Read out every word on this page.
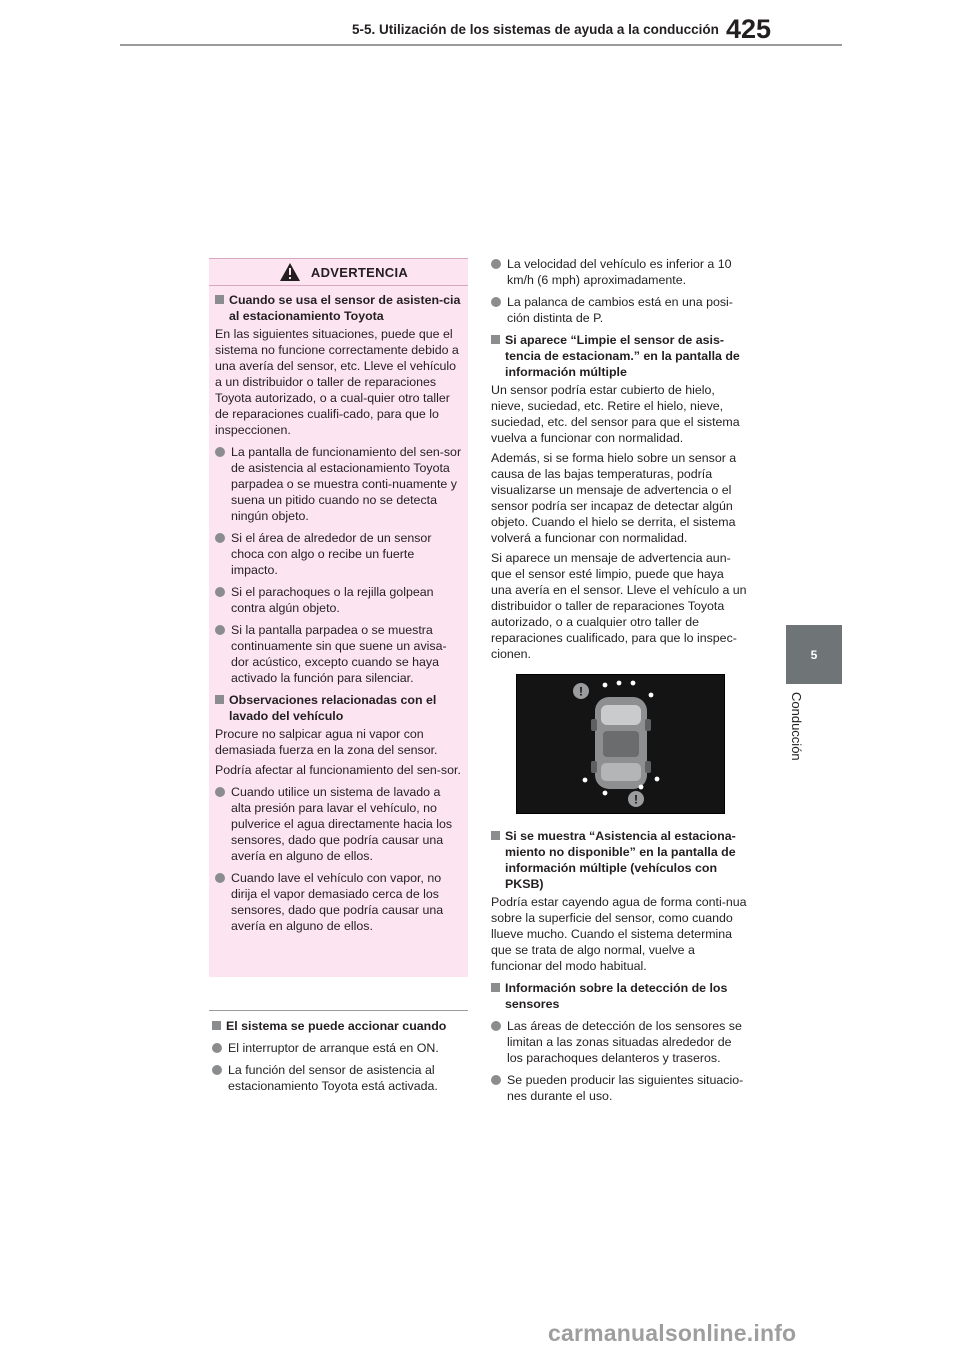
425
5-5. Utilización de los sistemas de ayuda a la conducción
5
Conducción
ADVERTENCIA
Cuando se usa el sensor de asisten-cia al estacionamiento Toyota
En las siguientes situaciones, puede que el sistema no funcione correctamente debido a una avería del sensor, etc. Lleve el vehículo a un distribuidor o taller de reparaciones Toyota autorizado, o a cual-quier otro taller de reparaciones cualifi-cado, para que lo inspeccionen.
La pantalla de funcionamiento del sen-sor de asistencia al estacionamiento Toyota parpadea o se muestra conti-nuamente y suena un pitido cuando no se detecta ningún objeto.
Si el área de alrededor de un sensor choca con algo o recibe un fuerte impacto.
Si el parachoques o la rejilla golpean contra algún objeto.
Si la pantalla parpadea o se muestra continuamente sin que suene un avisa-dor acústico, excepto cuando se haya activado la función para silenciar.
Observaciones relacionadas con el lavado del vehículo
Procure no salpicar agua ni vapor con demasiada fuerza en la zona del sensor.
Podría afectar al funcionamiento del sen-sor.
Cuando utilice un sistema de lavado a alta presión para lavar el vehículo, no pulverice el agua directamente hacia los sensores, dado que podría causar una avería en alguno de ellos.
Cuando lave el vehículo con vapor, no dirija el vapor demasiado cerca de los sensores, dado que podría causar una avería en alguno de ellos.
El sistema se puede accionar cuando
El interruptor de arranque está en ON.
La función del sensor de asistencia al estacionamiento Toyota está activada.
La velocidad del vehículo es inferior a 10 km/h (6 mph) aproximadamente.
La palanca de cambios está en una posi-ción distinta de P.
Si aparece “Limpie el sensor de asis-tencia de estacionam.” en la pantalla de información múltiple
Un sensor podría estar cubierto de hielo, nieve, suciedad, etc. Retire el hielo, nieve, suciedad, etc. del sensor para que el sistema vuelva a funcionar con normalidad.
Además, si se forma hielo sobre un sensor a causa de las bajas temperaturas, podría visualizarse un mensaje de advertencia o el sensor podría ser incapaz de detectar algún objeto. Cuando el hielo se derrita, el sistema volverá a funcionar con normalidad.
Si aparece un mensaje de advertencia aun-que el sensor esté limpio, puede que haya una avería en el sensor. Lleve el vehículo a un distribuidor o taller de reparaciones Toyota autorizado, o a cualquier otro taller de reparaciones cualificado, para que lo inspec-cionen.
!
!
Si se muestra “Asistencia al estaciona-miento no disponible” en la pantalla de información múltiple (vehículos con PKSB)
Podría estar cayendo agua de forma conti-nua sobre la superficie del sensor, como cuando llueve mucho. Cuando el sistema determina que se trata de algo normal, vuelve a funcionar del modo habitual.
Información sobre la detección de los sensores
Las áreas de detección de los sensores se limitan a las zonas situadas alrededor de los parachoques delanteros y traseros.
Se pueden producir las siguientes situacio-nes durante el uso.
carmanualsonline.info
